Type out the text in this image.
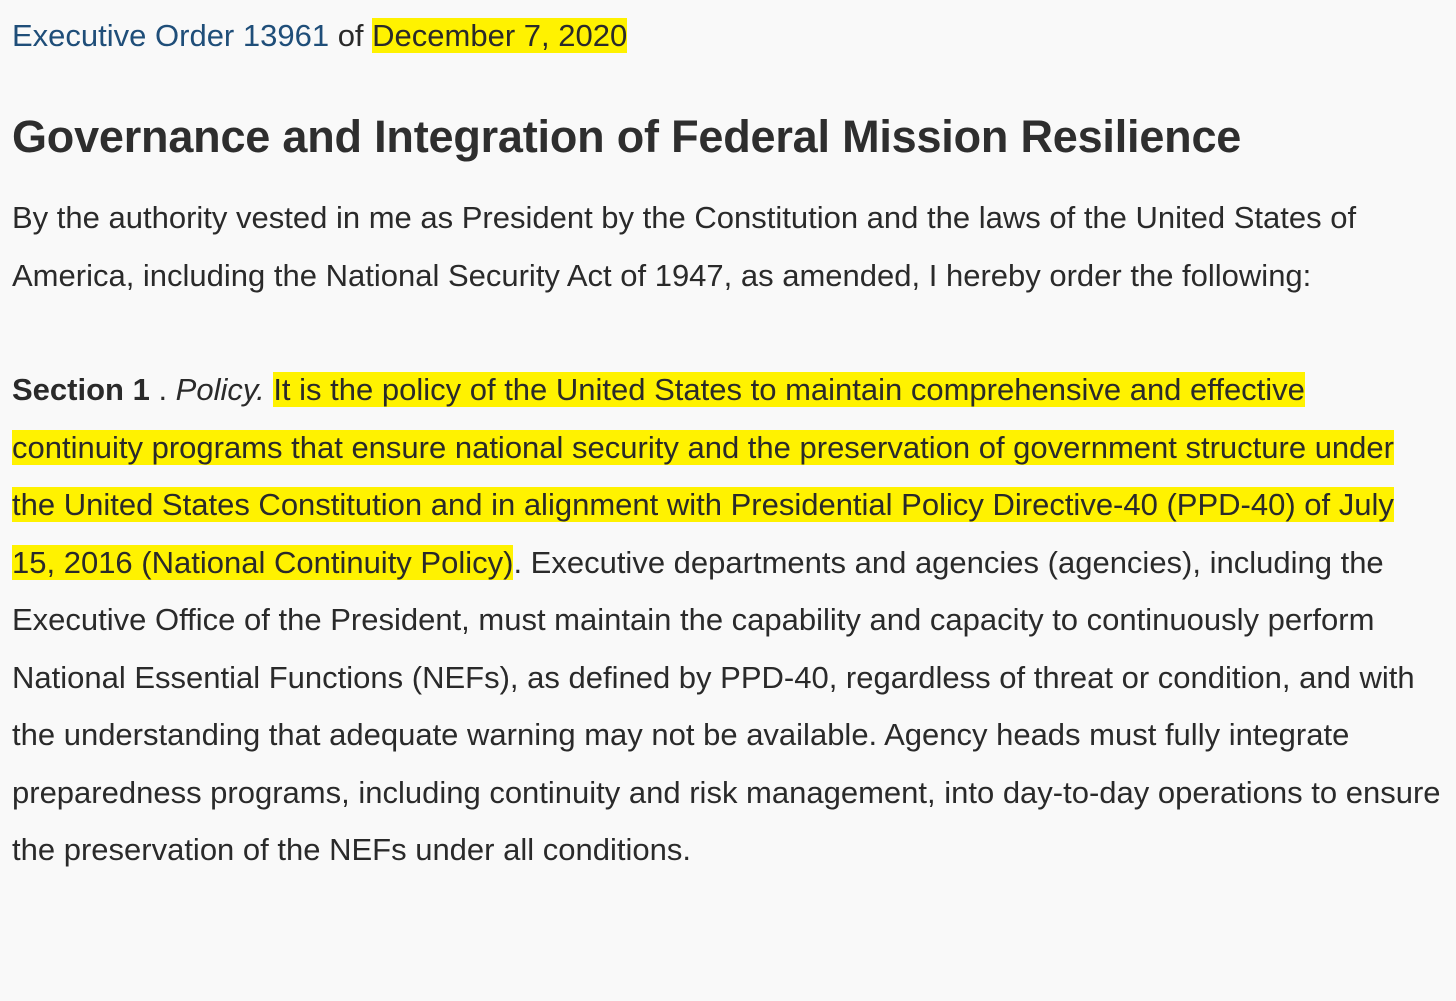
Executive Order 13961 of December 7, 2020

Governance and Integration of Federal Mission Resilience

By the authority vested in me as President by the Constitution and the laws of the United States of America, including the National Security Act of 1947, as amended, I hereby order the following:

Section 1 . Policy. It is the policy of the United States to maintain comprehensive and effective continuity programs that ensure national security and the preservation of government structure under the United States Constitution and in alignment with Presidential Policy Directive-40 (PPD-40) of July 15, 2016 (National Continuity Policy). Executive departments and agencies (agencies), including the Executive Office of the President, must maintain the capability and capacity to continuously perform National Essential Functions (NEFs), as defined by PPD-40, regardless of threat or condition, and with the understanding that adequate warning may not be available. Agency heads must fully integrate preparedness programs, including continuity and risk management, into day-to-day operations to ensure the preservation of the NEFs under all conditions.
